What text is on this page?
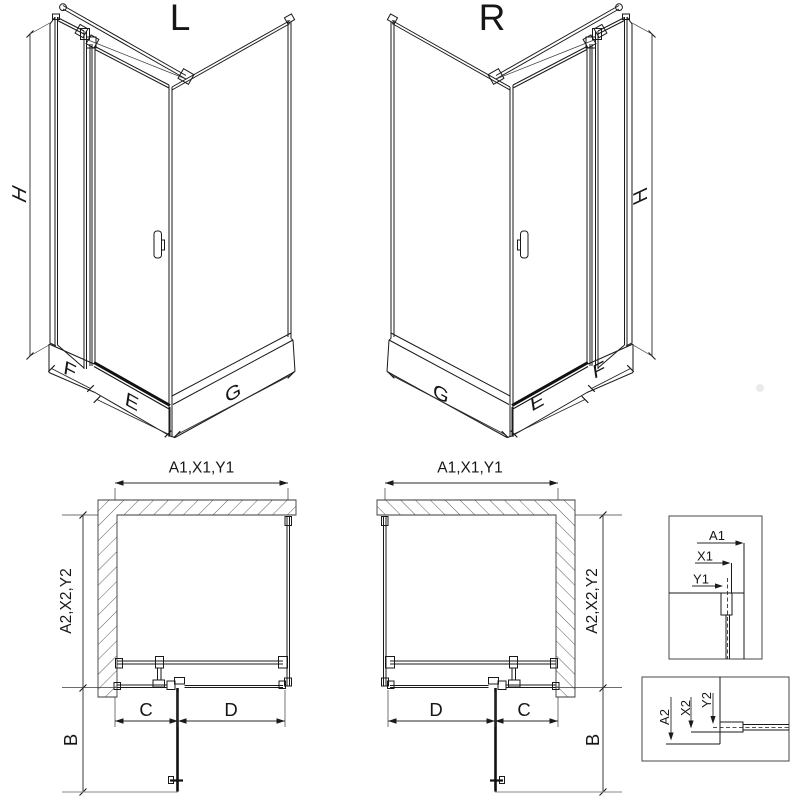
L
H
F
E	G
R
H
F
E
G
A1,X1,Y1
A2,X2,Y2
C	D
B
A1,X1,Y1
A2,X2,Y2
D	C
B
A1
X1
Y1
A2
X2
Y2
